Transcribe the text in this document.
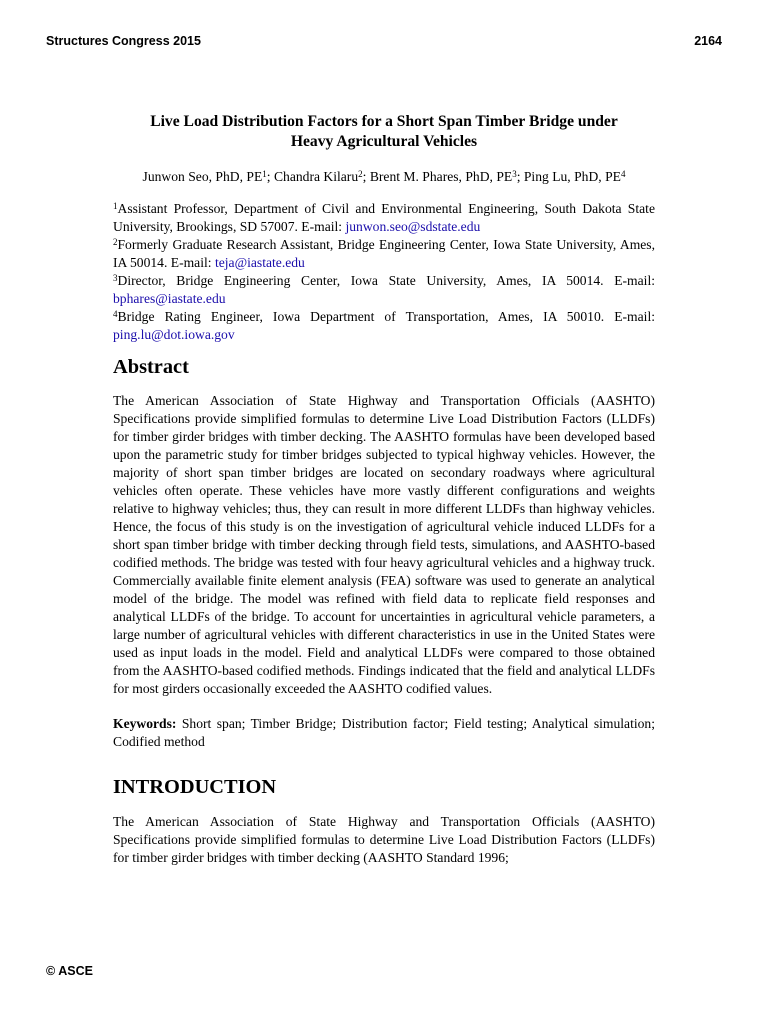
Structures Congress 2015	2164
Live Load Distribution Factors for a Short Span Timber Bridge under
Heavy Agricultural Vehicles
Junwon Seo, PhD, $PE^1$; Chandra Kilaru$^2$; Brent M. Phares, PhD, $PE^3$; Ping Lu, PhD, $PE^4$

$^1$Assistant Professor, Department of Civil and Environmental Engineering, South Dakota State University, Brookings, SD 57007. E-mail: junwon.seo@sdstate.edu

$^2$Formerly Graduate Research Assistant, Bridge Engineering Center, Iowa State University, Ames, IA 50014. E-mail: teja@iastate.edu

$^3$Director, Bridge Engineering Center, Iowa State University, Ames, IA 50014. E-mail: bphares@iastate.edu

$^4$Bridge Rating Engineer, Iowa Department of Transportation, Ames, IA 50010. E-mail: ping.lu@dot.iowa.gov

Abstract

The American Association of State Highway and Transportation Officials (AASHTO) Specifications provide simplified formulas to determine Live Load Distribution Factors (LLDFs) for timber girder bridges with timber decking. The AASHTO formulas have been developed based upon the parametric study for timber bridges subjected to typical highway vehicles. However, the majority of short span timber bridges are located on secondary roadways where agricultural vehicles often operate. These vehicles have more vastly different configurations and weights relative to highway vehicles; thus, they can result in more different LLDFs than highway vehicles. Hence, the focus of this study is on the investigation of agricultural vehicle induced LLDFs for a short span timber bridge with timber decking through field tests, simulations, and AASHTO-based codified methods. The bridge was tested with four heavy agricultural vehicles and a highway truck. Commercially available finite element analysis (FEA) software was used to generate an analytical model of the bridge. The model was refined with field data to replicate field responses and analytical LLDFs of the bridge. To account for uncertainties in agricultural vehicle parameters, a large number of agricultural vehicles with different characteristics in use in the United States were used as input loads in the model. Field and analytical LLDFs were compared to those obtained from the AASHTO-based codified methods. Findings indicated that the field and analytical LLDFs for most girders occasionally exceeded the AASHTO codified values.

Keywords: Short span; Timber Bridge; Distribution factor; Field testing; Analytical simulation; Codified method

INTRODUCTION

The American Association of State Highway and Transportation Officials (AASHTO) Specifications provide simplified formulas to determine Live Load Distribution Factors (LLDFs) for timber girder bridges with timber decking (AASHTO Standard 1996;

© ASCE
